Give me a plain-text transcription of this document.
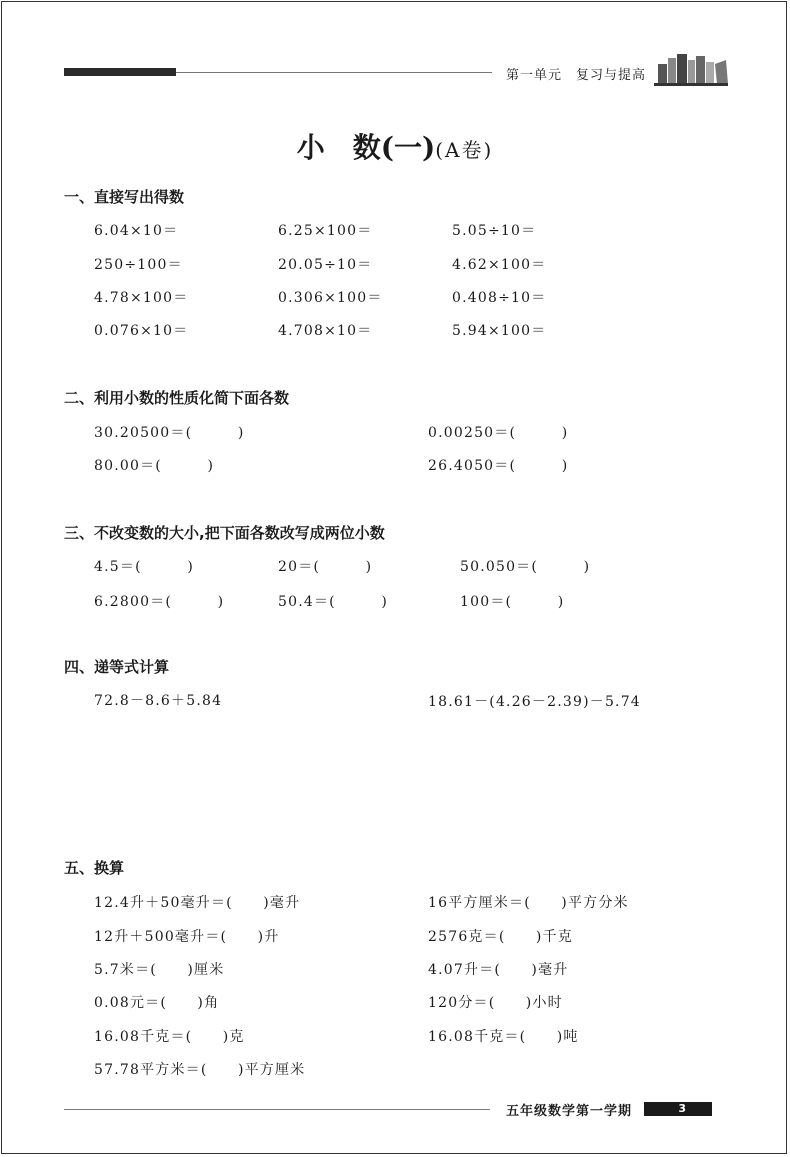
第一单元　复习与提高
小　数(一)(A卷)
一、直接写出得数
6.04×10＝	6.25×100＝	5.05÷10＝
250÷100＝	20.05÷10＝	4.62×100＝
4.78×100＝	0.306×100＝	0.408÷10＝
0.076×10＝	4.708×10＝	5.94×100＝
二、利用小数的性质化简下面各数
30.20500＝(　　　)	0.00250＝(　　　)
80.00＝(　　　)	26.4050＝(　　　)
三、不改变数的大小,把下面各数改写成两位小数
4.5＝(　　　)	20＝(　　　)	50.050＝(　　　)
6.2800＝(　　　)	50.4＝(　　　)	100＝(　　　)
四、递等式计算
72.8－8.6＋5.84	18.61－(4.26－2.39)－5.74
五、换算
12.4升＋50毫升＝(　　)毫升	16平方厘米＝(　　)平方分米
12升＋500毫升＝(　　)升	2576克＝(　　)千克
5.7米＝(　　)厘米	4.07升＝(　　)毫升
0.08元＝(　　)角	120分＝(　　)小时
16.08千克＝(　　)克	16.08千克＝(　　)吨
57.78平方米＝(　　)平方厘米
五年级数学第一学期	3
